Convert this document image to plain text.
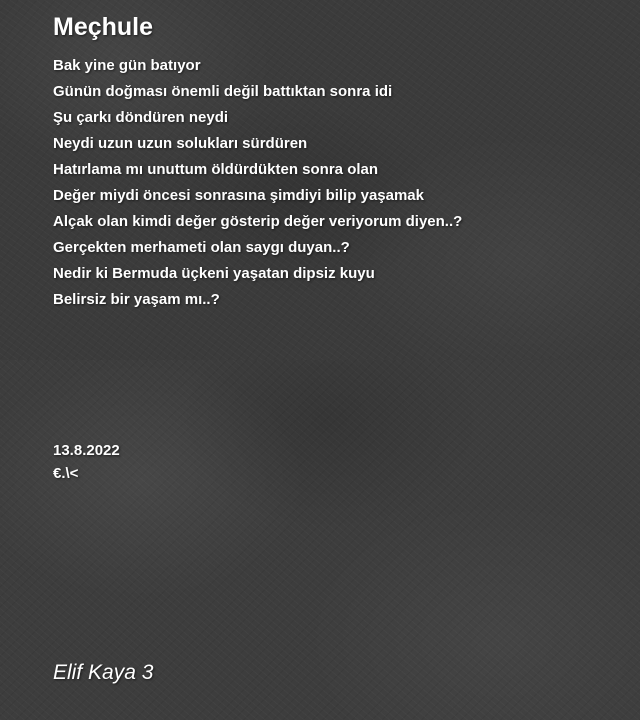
Meçhule
Bak yine gün batıyor
Günün doğması önemli değil battıktan sonra idi
Şu çarkı döndüren neydi
Neydi uzun uzun solukları sürdüren
Hatırlama mı unuttum öldürdükten sonra olan
Değer miydi öncesi sonrasına şimdiyi bilip yaşamak
Alçak olan kimdi değer gösterip değer veriyorum diyen..?
Gerçekten merhameti olan saygı duyan..?
Nedir ki Bermuda üçkeni yaşatan dipsiz kuyu
Belirsiz bir yaşam mı..?
13.8.2022
€.\<
Elif Kaya 3
